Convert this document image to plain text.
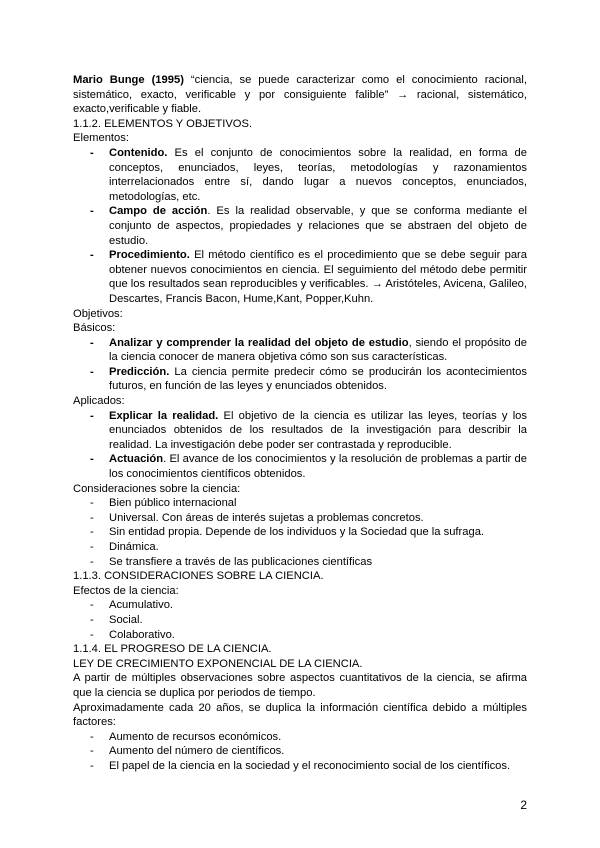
Mario Bunge (1995) “ciencia, se puede caracterizar como el conocimiento racional, sistemático, exacto, verificable y por consiguiente falible” → racional, sistemático, exacto,verificable y fiable.

1.1.2. ELEMENTOS Y OBJETIVOS.

Elementos:

- Contenido. Es el conjunto de conocimientos sobre la realidad, en forma de conceptos, enunciados, leyes, teorías, metodologías y razonamientos interrelacionados entre sí, dando lugar a nuevos conceptos, enunciados, metodologías, etc.
- Campo de acción. Es la realidad observable, y que se conforma mediante el conjunto de aspectos, propiedades y relaciones que se abstraen del objeto de estudio.
- Procedimiento. El método científico es el procedimiento que se debe seguir para obtener nuevos conocimientos en ciencia. El seguimiento del método debe permitir que los resultados sean reproducibles y verificables. → Aristóteles, Avicena, Galileo, Descartes, Francis Bacon, Hume,Kant, Popper,Kuhn.

Objetivos:

Básicos:

- Analizar y comprender la realidad del objeto de estudio, siendo el propósito de la ciencia conocer de manera objetiva cómo son sus características.
- Predicción. La ciencia permite predecir cómo se producirán los acontecimientos futuros, en función de las leyes y enunciados obtenidos.

Aplicados:

- Explicar la realidad. El objetivo de la ciencia es utilizar las leyes, teorías y los enunciados obtenidos de los resultados de la investigación para describir la realidad. La investigación debe poder ser contrastada y reproducible.
- Actuación. El avance de los conocimientos y la resolución de problemas a partir de los conocimientos científicos obtenidos.

Consideraciones sobre la ciencia:

- Bien público internacional
- Universal. Con áreas de interés sujetas a problemas concretos.
- Sin entidad propia. Depende de los individuos y la Sociedad que la sufraga.
- Dinámica.
- Se transfiere a través de las publicaciones científicas

1.1.3. CONSIDERACIONES SOBRE LA CIENCIA.

Efectos de la ciencia:

- Acumulativo.
- Social.
- Colaborativo.

1.1.4. EL PROGRESO DE LA CIENCIA.

LEY DE CRECIMIENTO EXPONENCIAL DE LA CIENCIA.

A partir de múltiples observaciones sobre aspectos cuantitativos de la ciencia, se afirma que la ciencia se duplica por periodos de tiempo.

Aproximadamente cada 20 años, se duplica la información científica debido a múltiples factores:

- Aumento de recursos económicos.
- Aumento del número de científicos.
- El papel de la ciencia en la sociedad y el reconocimiento social de los científicos.
2
